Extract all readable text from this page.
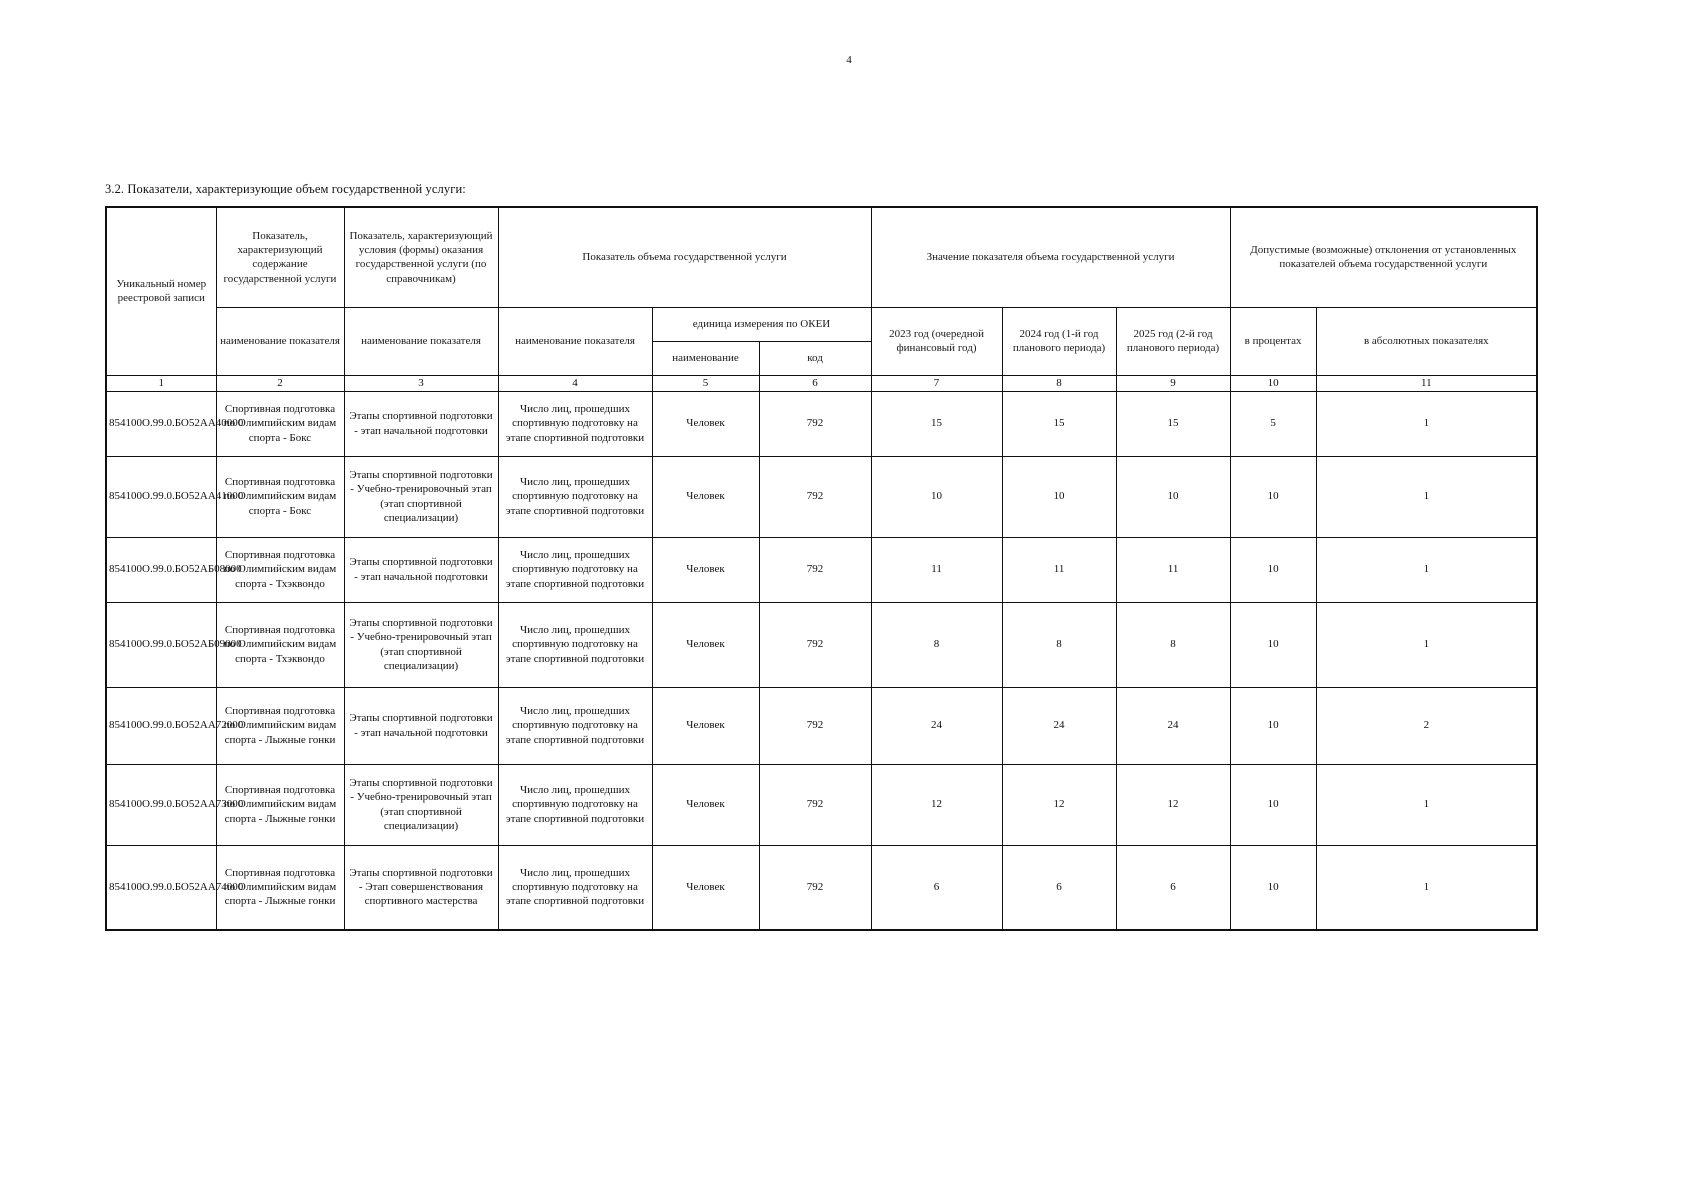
4
3.2. Показатели, характеризующие объем государственной услуги:
Уникальный номер реестровой записи	Показатель, характеризующий содержание государственной услуги	Показатель, характеризующий условия (формы) оказания государственной услуги (по справочникам)	Показатель объема государственной услуги			Значение показателя объема государственной услуги			Допустимые (возможные) отклонения от установленных показателей объема государственной услуги	
	наименование показателя	наименование показателя	наименование показателя	единица измерения по ОКЕИ		2023 год (очередной финансовый год)	2024 год (1-й год планового периода)	2025 год (2-й год планового периода)	в процентах	в абсолютных показателях
				наименование	код					
1	2	3	4	5	6	7	8	9	10	11
854100О.99.0.БО52АА40000	Спортивная подготовка по Олимпийским видам спорта - Бокс	Этапы спортивной подготовки - этап начальной подготовки	Число лиц, прошедших спортивную подготовку на этапе спортивной подготовки	Человек	792	15	15	15	5	1
854100О.99.0.БО52АА41000	Спортивная подготовка по Олимпийским видам спорта - Бокс	Этапы спортивной подготовки - Учебно-тренировочный этап (этап спортивной специализации)	Число лиц, прошедших спортивную подготовку на этапе спортивной подготовки	Человек	792	10	10	10	10	1
854100О.99.0.БО52АБ08000	Спортивная подготовка по Олимпийским видам спорта - Тхэквондо	Этапы спортивной подготовки - этап начальной подготовки	Число лиц, прошедших спортивную подготовку на этапе спортивной подготовки	Человек	792	11	11	11	10	1
854100О.99.0.БО52АБ09000	Спортивная подготовка по Олимпийским видам спорта - Тхэквондо	Этапы спортивной подготовки - Учебно-тренировочный этап (этап спортивной специализации)	Число лиц, прошедших спортивную подготовку на этапе спортивной подготовки	Человек	792	8	8	8	10	1
854100О.99.0.БО52АА72000	Спортивная подготовка по Олимпийским видам спорта - Лыжные гонки	Этапы спортивной подготовки - этап начальной подготовки	Число лиц, прошедших спортивную подготовку на этапе спортивной подготовки	Человек	792	24	24	24	10	2
854100О.99.0.БО52АА73000	Спортивная подготовка по Олимпийским видам спорта - Лыжные гонки	Этапы спортивной подготовки - Учебно-тренировочный этап (этап спортивной специализации)	Число лиц, прошедших спортивную подготовку на этапе спортивной подготовки	Человек	792	12	12	12	10	1
854100О.99.0.БО52АА74000	Спортивная подготовка по Олимпийским видам спорта - Лыжные гонки	Этапы спортивной подготовки - Этап совершенствования спортивного мастерства	Число лиц, прошедших спортивную подготовку на этапе спортивной подготовки	Человек	792	6	6	6	10	1
